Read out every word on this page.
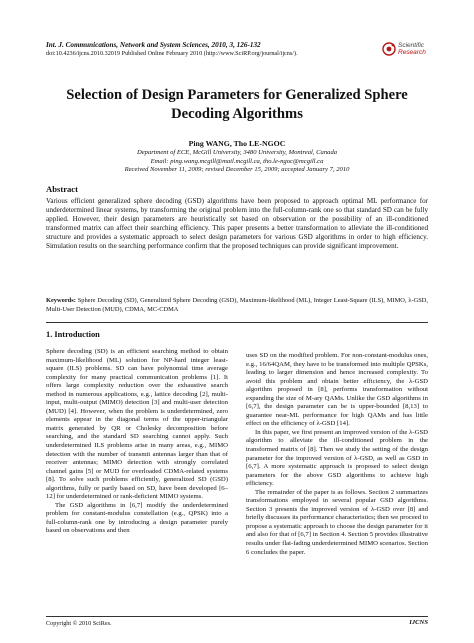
Int. J. Communications, Network and System Sciences, 2010, 3, 126-132
doi:10.4236/ijcns.2010.32019 Published Online February 2010 (http://www.SciRP.org/journal/ijcns/).
Scientific
Research
Selection of Design Parameters for Generalized Sphere Decoding Algorithms
Ping WANG, Tho LE-NGOC
Department of ECE, McGill University, 3480 University, Montreal, Canada
Email: ping.wang.mcgill@mail.mcgill.ca, tho.le-ngoc@mcgill.ca
Received November 11, 2009; revised December 15, 2009; accepted January 7, 2010
Abstract
Various efficient generalized sphere decoding (GSD) algorithms have been proposed to approach optimal ML performance for underdetermined linear systems, by transforming the original problem into the full-column-rank one so that standard SD can be fully applied. However, their design parameters are heuristically set based on observation or the possibility of an ill-conditioned transformed matrix can affect their searching efficiency. This paper presents a better transformation to alleviate the ill-conditioned structure and provides a systematic approach to select design parameters for various GSD algorithms in order to high efficiency. Simulation results on the searching performance confirm that the proposed techniques can provide significant improvement.
Keywords: Sphere Decoding (SD), Generalized Sphere Decoding (GSD), Maximum-likelihood (ML), Integer Least-Square (ILS), MIMO, λ-GSD, Multi-User Detection (MUD), CDMA, MC-CDMA
1. Introduction

Sphere decoding (SD) is an efficient searching method to obtain maximum-likelihood (ML) solution for NP-hard integer least-square (ILS) problems. SD can have polynomial time average complexity for many practical communication problems [1]. It offers large complexity reduction over the exhaustive search method in numerous applications, e.g., lattice decoding [2], multi-input, multi-output (MIMO) detection [3] and multi-user detection (MUD) [4]. However, when the problem is underdetermined, zero elements appear in the diagonal terms of the upper-triangular matrix generated by QR or Cholesky decomposition before searching, and the standard SD searching cannot apply. Such underdetermined ILS problems arise in many areas, e.g., MIMO detection with the number of transmit antennas larger than that of receiver antennas; MIMO detection with strongly correlated channel gains [5] or MUD for overloaded CDMA-related systems [8]. To solve such problems efficiently, generalized SD (GSD) algorithms, fully or partly based on SD, have been developed [6–12] for underdetermined or rank-deficient MIMO systems.

The GSD algorithms in [6,7] modify the underdetermined problem for constant-modulus constellation (e.g., QPSK) into a full-column-rank one by introducing a design parameter purely based on observations and then

uses SD on the modified problem. For non-constant-modulus ones, e.g., 16/64QAM, they have to be transformed into multiple QPSKs, leading to larger dimension and hence increased complexity. To avoid this problem and obtain better efficiency, the λ-GSD algorithm proposed in [8], performs transformation without expanding the size of M-ary QAMs. Unlike the GSD algorithms in [6,7], the design parameter can be is upper-bounded [8,13] to guarantee near-ML performance for high QAMs and has little effect on the efficiency of λ-GSD [14].

In this paper, we first present an improved version of the λ-GSD algorithm to alleviate the ill-conditioned problem in the transformed matrix of [8]. Then we study the setting of the design parameter for the improved version of λ-GSD, as well as GSD in [6,7]. A more systematic approach is proposed to select design parameters for the above GSD algorithms to achieve high efficiency.

The remainder of the paper is as follows. Section 2 summarizes transformations employed in several popular GSD algorithms. Section 3 presents the improved version of λ-GSD over [8] and briefly discusses its performance characteristics; then we proceed to propose a systematic approach to choose the design parameter for it and also for that of [6,7] in Section 4. Section 5 provides illustrative results under flat-fading underdetermined MIMO scenarios. Section 6 concludes the paper.

Copyright © 2010 SciRes.	IJCNS
